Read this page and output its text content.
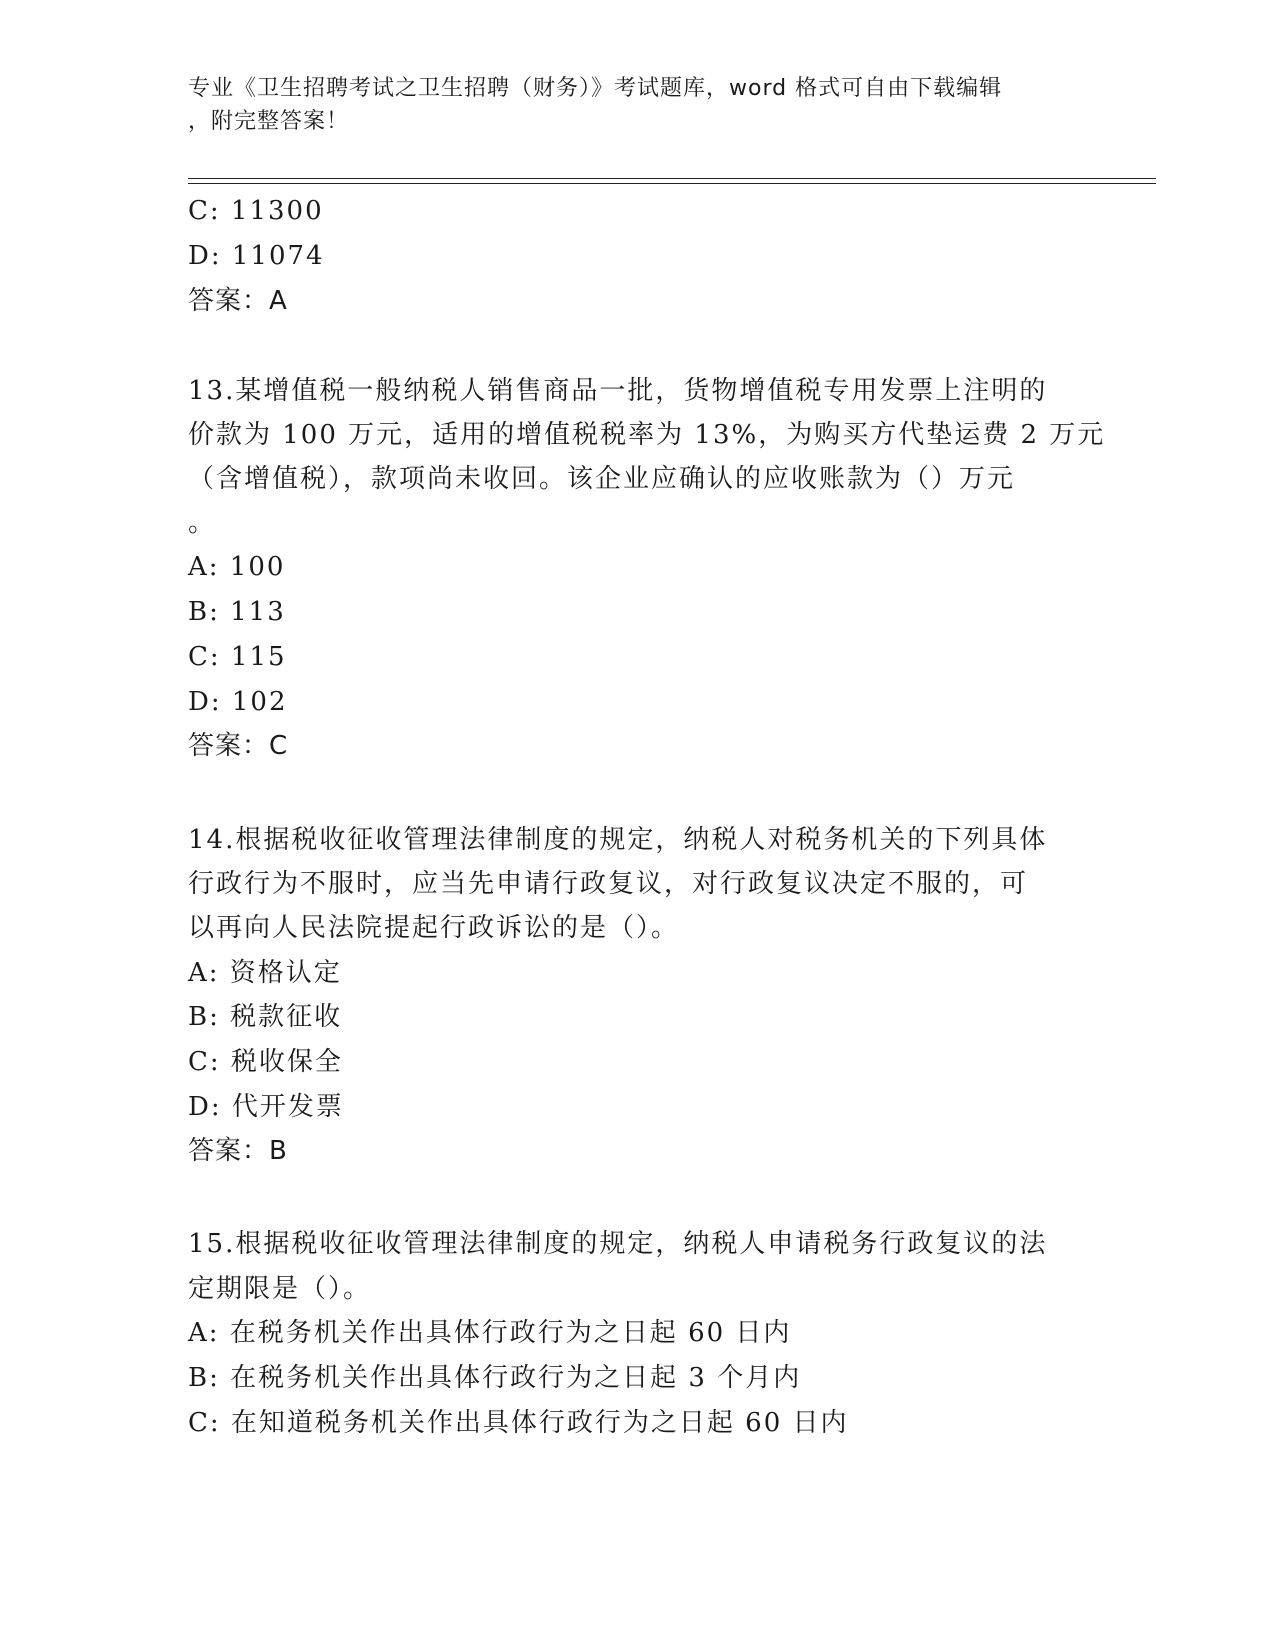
专业《卫生招聘考试之卫生招聘（财务）》考试题库，word 格式可自由下载编辑
，附完整答案！
C: 11300
D: 11074
答案：A
13.某增值税一般纳税人销售商品一批，货物增值税专用发票上注明的
价款为 100 万元，适用的增值税税率为 13%，为购买方代垫运费 2 万元
（含增值税），款项尚未收回。该企业应确认的应收账款为（）万元
。
A: 100
B: 113
C: 115
D: 102
答案：C
14.根据税收征收管理法律制度的规定，纳税人对税务机关的下列具体
行政行为不服时，应当先申请行政复议，对行政复议决定不服的，可
以再向人民法院提起行政诉讼的是（）。
A: 资格认定
B: 税款征收
C: 税收保全
D: 代开发票
答案：B
15.根据税收征收管理法律制度的规定，纳税人申请税务行政复议的法
定期限是（）。
A: 在税务机关作出具体行政行为之日起 60 日内
B: 在税务机关作出具体行政行为之日起 3 个月内
C: 在知道税务机关作出具体行政行为之日起 60 日内
